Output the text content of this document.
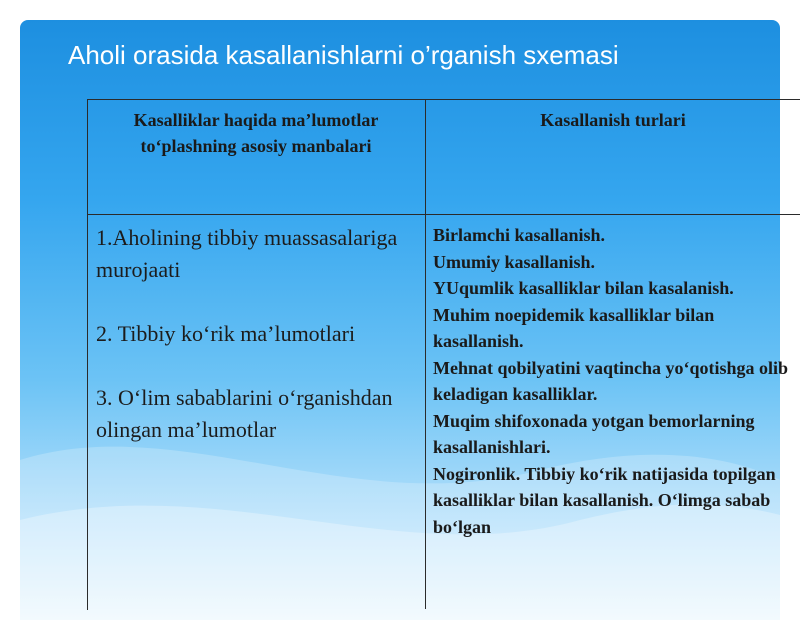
Aholi orasida kasallanishlarni o’rganish sxemasi
Kasalliklar haqida ma’lumotlar to‘plashning asosiy manbalari
Kasallanish turlari
1.Aholining tibbiy muassasalariga murojaati
2. Tibbiy ko‘rik ma’lumotlari
3. O‘lim sabablarini o‘rganishdan olingan ma’lumotlar
Birlamchi kasallanish.
Umumiy kasallanish.
YUqumlik kasalliklar bilan kasalanish.
Muhim noepidemik kasalliklar bilan kasallanish.
Mehnat qobilyatini vaqtincha yo‘qotishga olib keladigan kasalliklar.
Muqim shifoxonada yotgan bemorlarning kasallanishlari.
Nogironlik. Tibbiy ko‘rik natijasida topilgan kasalliklar bilan kasallanish. O‘limga sabab bo‘lgan
